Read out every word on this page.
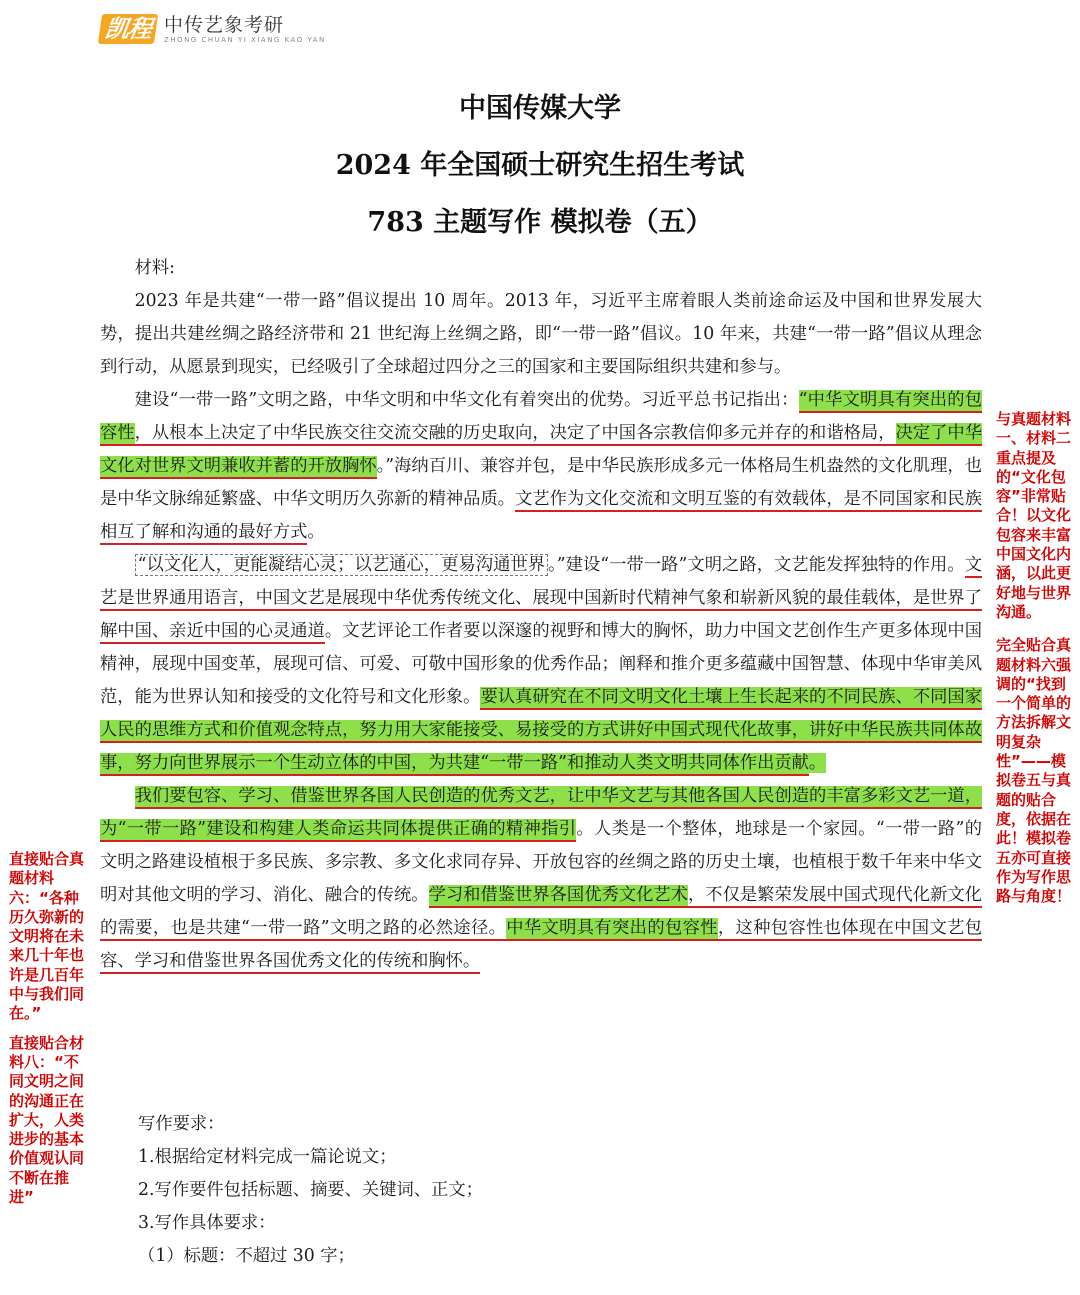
凯程 中传艺象考研
ZHONG CHUAN YI XIANG KAO YAN
中国传媒大学
2024 年全国硕士研究生招生考试
783 主题写作 模拟卷（五）

材料:

2023 年是共建“一带一路”倡议提出 10 周年。2013 年，习近平主席着眼人类前途命运及中国和世界发展大势，提出共建丝绸之路经济带和 21 世纪海上丝绸之路，即“一带一路”倡议。10 年来，共建“一带一路”倡议从理念到行动，从愿景到现实，已经吸引了全球超过四分之三的国家和主要国际组织共建和参与。

建设“一带一路”文明之路，中华文明和中华文化有着突出的优势。习近平总书记指出：“中华文明具有突出的包容性，从根本上决定了中华民族交往交流交融的历史取向，决定了中国各宗教信仰多元并存的和谐格局，决定了中华文化对世界文明兼收并蓄的开放胸怀。”海纳百川、兼容并包，是中华民族形成多元一体格局生机盎然的文化肌理，也是中华文脉绵延繁盛、中华文明历久弥新的精神品质。文艺作为文化交流和文明互鉴的有效载体，是不同国家和民族相互了解和沟通的最好方式。

“以文化人，更能凝结心灵；以艺通心，更易沟通世界 。”建设“一带一路”文明之路，文艺能发挥独特的作用。文艺是世界通用语言，中国文艺是展现中华优秀传统文化、展现中国新时代精神气象和崭新风貌的最佳载体，是世界了解中国、亲近中国的心灵通道。文艺评论工作者要以深邃的视野和博大的胸怀，助力中国文艺创作生产更多体现中国精神，展现中国变革，展现可信、可爱、可敬中国形象的优秀作品；阐释和推介更多蕴藏中国智慧、体现中华审美风范，能为世界认知和接受的文化符号和文化形象。要认真研究在不同文明文化土壤上生长起来的不同民族、不同国家人民的思维方式和价值观念特点，努力用大家能接受、易接受的方式讲好中国式现代化故事，讲好中华民族共同体故事，努力向世界展示一个生动立体的中国，为共建“一带一路”和推动人类文明共同体作出贡献。

我们要包容、学习、借鉴世界各国人民创造的优秀文艺，让中华文艺与其他各国人民创造的丰富多彩文艺一道，为“一带一路”建设和构建人类命运共同体提供正确的精神指引。人类是一个整体，地球是一个家园。“一带一路”的文明之路建设植根于多民族、多宗教、多文化求同存异、开放包容的丝绸之路的历史土壤，也植根于数千年来中华文明对其他文明的学习、消化、融合的传统。学习和借鉴世界各国优秀文化艺术，不仅是繁荣发展中国式现代化新文化的需要，也是共建“一带一路”文明之路的必然途径。中华文明具有突出的包容性，这种包容性也体现在中国文艺包容、学习和借鉴世界各国优秀文化的传统和胸怀。

写作要求：

1.根据给定材料完成一篇论说文；

2.写作要件包括标题、摘要、关键词、正文；

3.写作具体要求：

（1）标题：不超过 30 字；

与真题材料一、材料二重点提及的“文化包容”非常贴合！以文化包容来丰富中国文化内涵，以此更好地与世界沟通。

完全贴合真题材料六强调的“找到一个简单的方法拆解文明复杂性”——模拟卷五与真题的贴合度，依据在此！模拟卷五亦可直接作为写作思路与角度！

直接贴合真题材料六：“各种历久弥新的文明将在未来几十年也许是几百年中与我们同在。”

直接贴合材料八：“不同文明之间的沟通正在扩大，人类进步的基本价值观认同不断在推进”
